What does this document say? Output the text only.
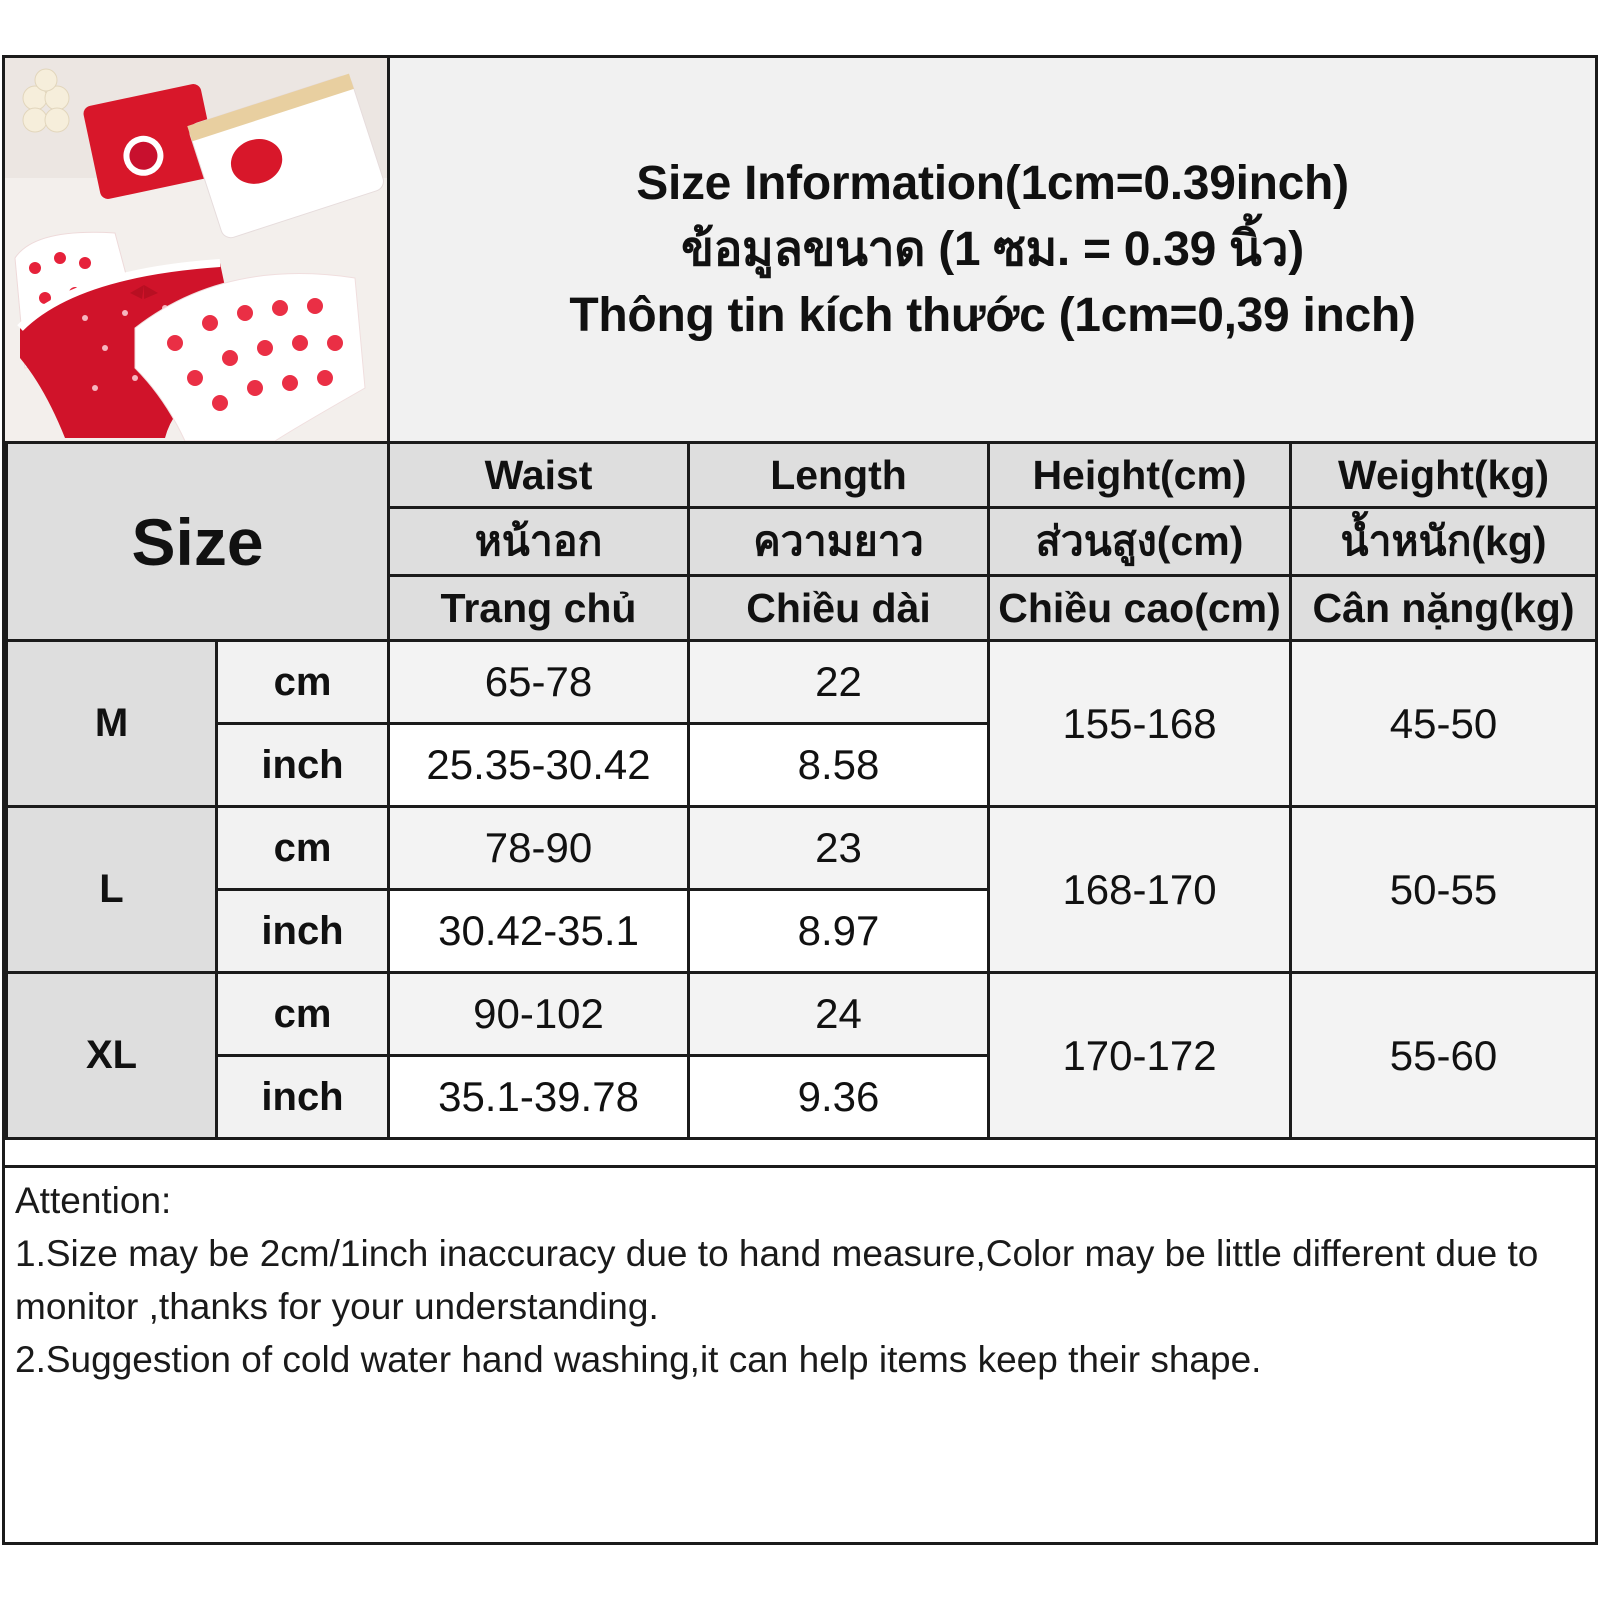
Size Information(1cm=0.39inch)
ข้อมูลขนาด (1 ซม. = 0.39 นิ้ว)
Thông tin kích thước (1cm=0,39 inch)
Size		Waist	Length	Height(cm)	Weight(kg)
		หน้าอก	ความยาว	ส่วนสูง(cm)	น้ำหนัก(kg)
		Trang chủ	Chiều dài	Chiều cao(cm)	Cân nặng(kg)
M	cm	65-78	22	155-168	45-50
	inch	25.35-30.42	8.58		
L	cm	78-90	23	168-170	50-55
	inch	30.42-35.1	8.97		
XL	cm	90-102	24	170-172	55-60
	inch	35.1-39.78	9.36		
Attention:
1.Size may be 2cm/1inch inaccuracy due to hand measure,Color may be little different due to monitor ,thanks for your understanding.
2.Suggestion of cold water hand washing,it can help items keep their shape.
